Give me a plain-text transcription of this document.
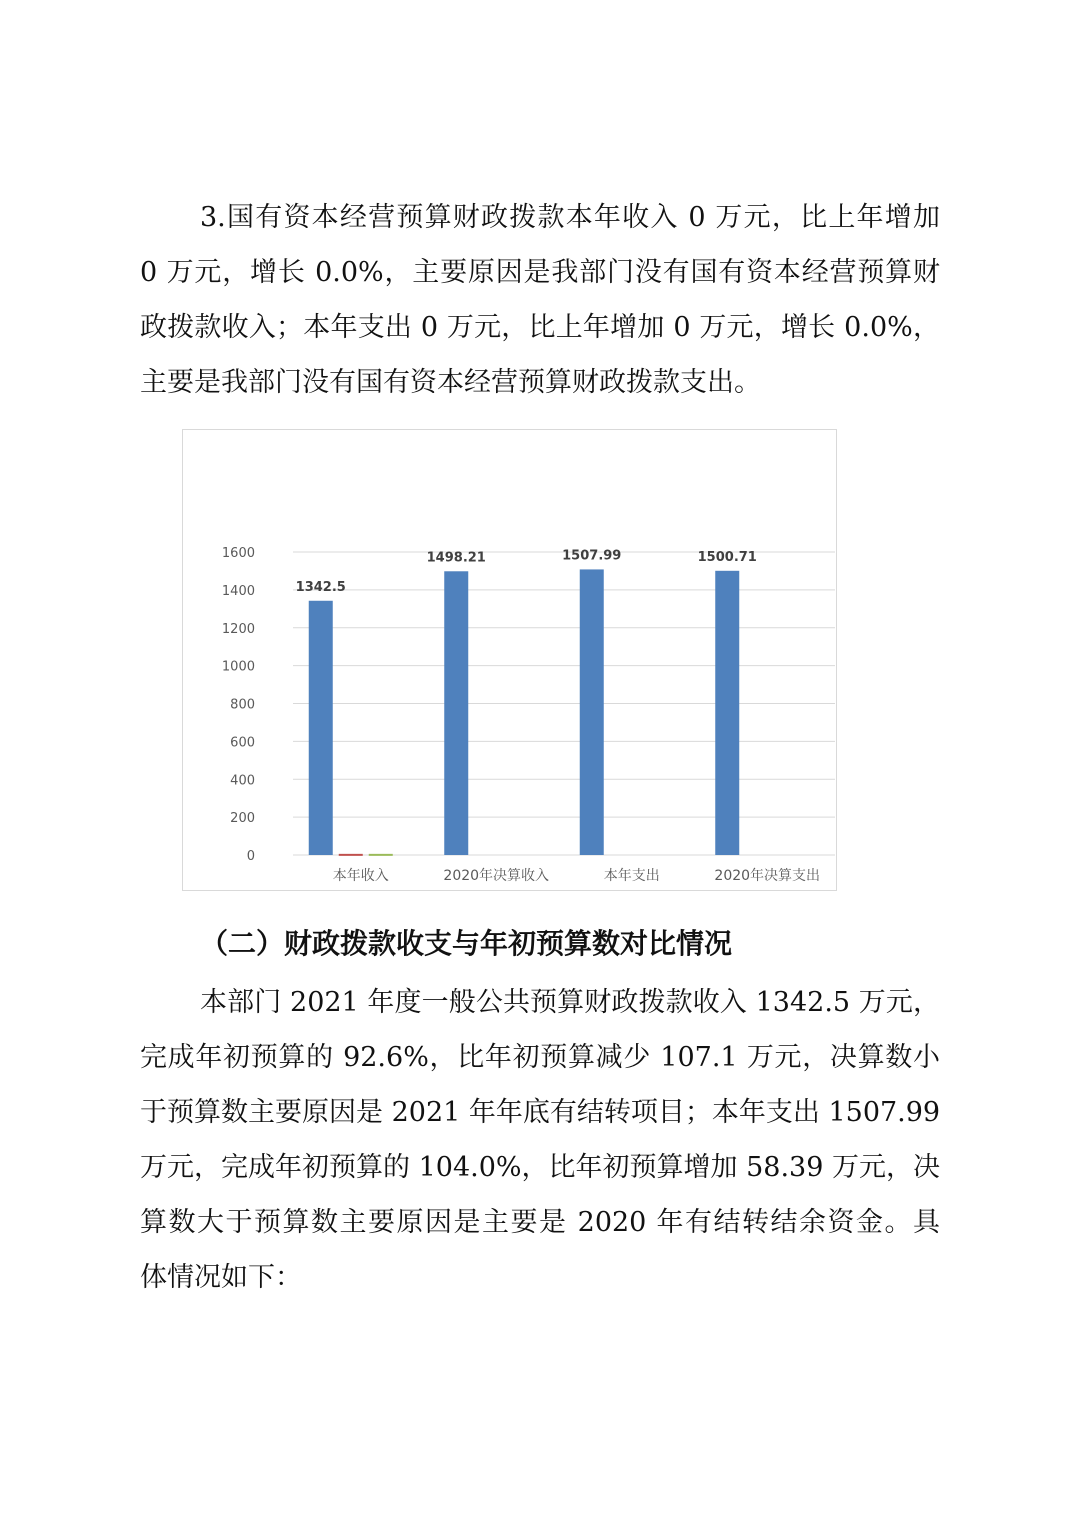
3.国有资本经营预算财政拨款本年收入 0 万元，比上年增加
0 万元，增长 0.0%，主要原因是我部门没有国有资本经营预算财
政拨款收入；本年支出 0 万元，比上年增加 0 万元，增长 0.0%，
主要是我部门没有国有资本经营预算财政拨款支出。
0
200
400
600
800
1000
1200
1400
1600
本年收入
1342.5
2020年决算收入
1498.21
本年支出
1507.99
2020年决算支出
1500.71
（二）财政拨款收支与年初预算数对比情况
本部门 2021 年度一般公共预算财政拨款收入 1342.5 万元，
完成年初预算的 92.6%，比年初预算减少 107.1 万元，决算数小
于预算数主要原因是 2021 年年底有结转项目；本年支出 1507.99
万元，完成年初预算的 104.0%，比年初预算增加 58.39 万元，决
算数大于预算数主要原因是主要是 2020 年有结转结余资金。具
体情况如下：
